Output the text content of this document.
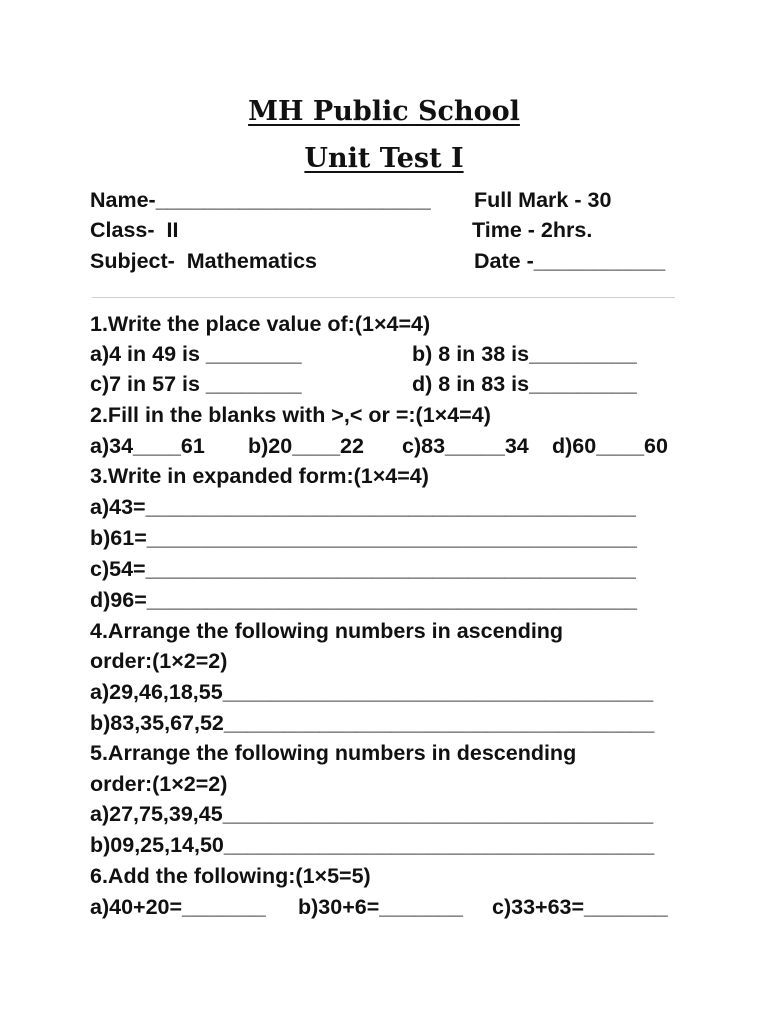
MH Public School
Unit Test I
Name-_______________________ Full Mark - 30
Class-  II	Time - 2hrs.
Subject-  Mathematics	Date -___________
1.Write the place value of:(1×4=4)
a)4 in 49 is ________	b) 8 in 38 is_________
c)7 in 57 is ________	d) 8 in 83 is_________
2.Fill in the blanks with >,< or =:(1×4=4)
a)34____61 b)20____22 c)83_____34 d)60____60
3.Write in expanded form:(1×4=4)
a)43=_________________________________________
b)61=_________________________________________
c)54=_________________________________________
d)96=_________________________________________
4.Arrange the following numbers in ascending
order:(1×2=2)
a)29,46,18,55____________________________________
b)83,35,67,52____________________________________
5.Arrange the following numbers in descending
order:(1×2=2)
a)27,75,39,45____________________________________
b)09,25,14,50____________________________________
6.Add the following:(1×5=5)
a)40+20=_______ b)30+6=_______ c)33+63=_______
